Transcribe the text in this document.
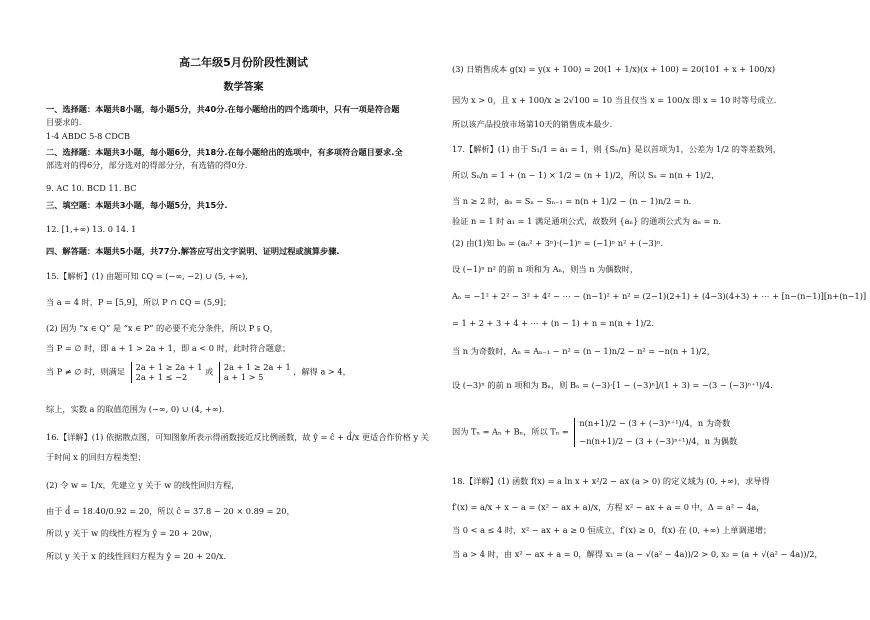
高二年级5月份阶段性测试
数学答案
一、选择题：本题共8小题，每小题5分，共40分.在每小题给出的四个选项中，只有一项是符合题
目要求的.
1-4 ABDC 5-8 CDCB
二、选择题：本题共3小题，每小题6分，共18分.在每小题给出的选项中，有多项符合题目要求.全
部选对的得6分，部分选对的得部分分，有选错的得0分.
9. AC 10. BCD 11. BC
三、填空题：本题共3小题，每小题5分，共15分.
12. [1,+∞) 13. 0 14. 1
四、解答题：本题共5小题，共77分.解答应写出文字说明、证明过程或演算步骤.
15.【解析】(1) 由题可知 ∁Q = (−∞, −2) ∪ (5, +∞),
当 a = 4 时，P = [5,9]，所以 P ∩ ∁Q = (5,9]；
(2) 因为 “x ∈ Q” 是 “x ∈ P” 的必要不充分条件，所以 P ⫋ Q，
当 P = ∅ 时，即 a + 1 > 2a + 1，即 a < 0 时，此时符合题意；
综上，实数 a 的取值范围为 (−∞, 0) ∪ (4, +∞).
16.【详解】(1) 依据散点图，可知图象所表示得函数接近反比例函数，故 ŷ = ĉ + d̂/x 更适合作价格 y 关
于时间 x 的回归方程类型；
(2) 令 w = 1/x，先建立 y 关于 w 的线性回归方程，
由于 d̂ = 18.40/0.92 = 20，所以 ĉ = 37.8 − 20 × 0.89 = 20，
所以 y 关于 w 的线性方程为 ŷ = 20 + 20w，
所以 y 关于 x 的线性回归方程为 ŷ = 20 + 20/x.
当 P ≠ ∅ 时，则满足 2a + 1 ≥ 2a + 1
2a + 1 ≤ −2
或 2a + 1 ≥ 2a + 1
a + 1 > 5
，解得 a > 4，
(3) 日销售成本 g(x) = y(x + 100) = 20(1 + 1/x)(x + 100) = 20(101 + x + 100/x)
因为 x > 0，且 x + 100/x ≥ 2√100 = 10 当且仅当 x = 100/x 即 x = 10 时等号成立.
所以该产品投放市场第10天的销售成本最少.
17.【解析】(1) 由于 S₁/1 = a₁ = 1，则 {Sₙ/n} 是以首项为1，公差为 1/2 的等差数列，
所以 Sₙ/n = 1 + (n − 1) × 1/2 = (n + 1)/2，所以 Sₙ = n(n + 1)/2，
当 n ≥ 2 时，aₙ = Sₙ − Sₙ₋₁ = n(n + 1)/2 − (n − 1)n/2 = n.
验证 n = 1 时 a₁ = 1 满足通项公式，故数列 {aₙ} 的通项公式为 aₙ = n.
(2) 由(1)知 bₙ = (aₙ² + 3ⁿ)·(−1)ⁿ = (−1)ⁿ n² + (−3)ⁿ.
设 (−1)ⁿ n² 的前 n 项和为 Aₙ，则当 n 为偶数时，
Aₙ = −1² + 2² − 3² + 4² − ⋯ − (n−1)² + n² = (2−1)(2+1) + (4−3)(4+3) + ⋯ + [n−(n−1)][n+(n−1)]
= 1 + 2 + 3 + 4 + ⋯ + (n − 1) + n = n(n + 1)/2.
当 n 为奇数时，Aₙ = Aₙ₋₁ − n² = (n − 1)n/2 − n² = −n(n + 1)/2，
设 (−3)ⁿ 的前 n 项和为 Bₙ，则 Bₙ = (−3)·[1 − (−3)ⁿ]/(1 + 3) = −(3 − (−3)ⁿ⁺¹)/4.
18.【详解】(1) 函数 f(x) = a ln x + x²/2 − ax (a > 0) 的定义域为 (0, +∞)，求导得
f′(x) = a/x + x − a = (x² − ax + a)/x，方程 x² − ax + a = 0 中，Δ = a² − 4a，
当 0 < a ≤ 4 时，x² − ax + a ≥ 0 恒成立，f′(x) ≥ 0，f(x) 在 (0, +∞) 上单调递增；
当 a > 4 时，由 x² − ax + a = 0，解得 x₁ = (a − √(a² − 4a))/2 > 0, x₂ = (a + √(a² − 4a))/2，
因为 Tₙ = Aₙ + Bₙ，所以 Tₙ =
n(n+1)/2 − (3 + (−3)ⁿ⁺¹)/4，n 为奇数
−n(n+1)/2 − (3 + (−3)ⁿ⁺¹)/4，n 为偶数
